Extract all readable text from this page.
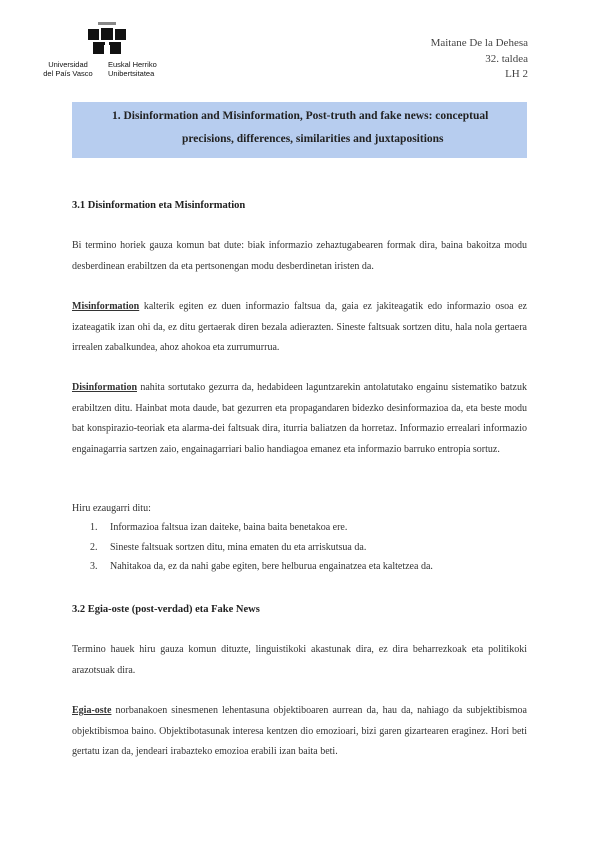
Universidad
del País Vasco
Euskal Herriko
Unibertsitatea
Maitane De la Dehesa
32. taldea
LH 2
1. Disinformation and Misinformation, Post-truth and fake news: conceptual
precisions, differences, similarities and juxtapositions
3.1 Disinformation eta Misinformation
Bi termino horiek gauza komun bat dute: biak informazio zehaztugabearen formak dira, baina bakoitza modu desberdinean erabiltzen da eta pertsonengan modu desberdinetan iristen da.
Misinformation kalterik egiten ez duen informazio faltsua da, gaia ez jakiteagatik edo informazio osoa ez izateagatik izan ohi da, ez ditu gertaerak diren bezala adierazten. Sineste faltsuak sortzen ditu, hala nola gertaera irrealen zabalkundea, ahoz ahokoa eta zurrumurrua.
Disinformation nahita sortutako gezurra da, hedabideen laguntzarekin antolatutako engainu sistematiko batzuk erabiltzen ditu. Hainbat mota daude, bat gezurren eta propagandaren bidezko desinformazioa da, eta beste modu bat konspirazio-teoriak eta alarma-dei faltsuak dira, iturria baliatzen da horretaz. Informazio errealari informazio engainagarria sartzen zaio, engainagarriari balio handiagoa emanez eta informazio barruko entropia sortuz.
Hiru ezaugarri ditu:
1. Informazioa faltsua izan daiteke, baina baita benetakoa ere.
2. Sineste faltsuak sortzen ditu, mina ematen du eta arriskutsua da.
3. Nahitakoa da, ez da nahi gabe egiten, bere helburua engainatzea eta kaltetzea da.
3.2 Egia-oste (post-verdad) eta Fake News
Termino hauek hiru gauza komun dituzte, linguistikoki akastunak dira, ez dira beharrezkoak eta politikoki arazotsuak dira.
Egia-oste norbanakoen sinesmenen lehentasuna objektiboaren aurrean da, hau da, nahiago da subjektibismoa objektibismoa baino. Objektibotasunak interesa kentzen dio emozioari, bizi garen gizartearen eraginez. Hori beti gertatu izan da, jendeari irabazteko emozioa erabili izan baita beti.
